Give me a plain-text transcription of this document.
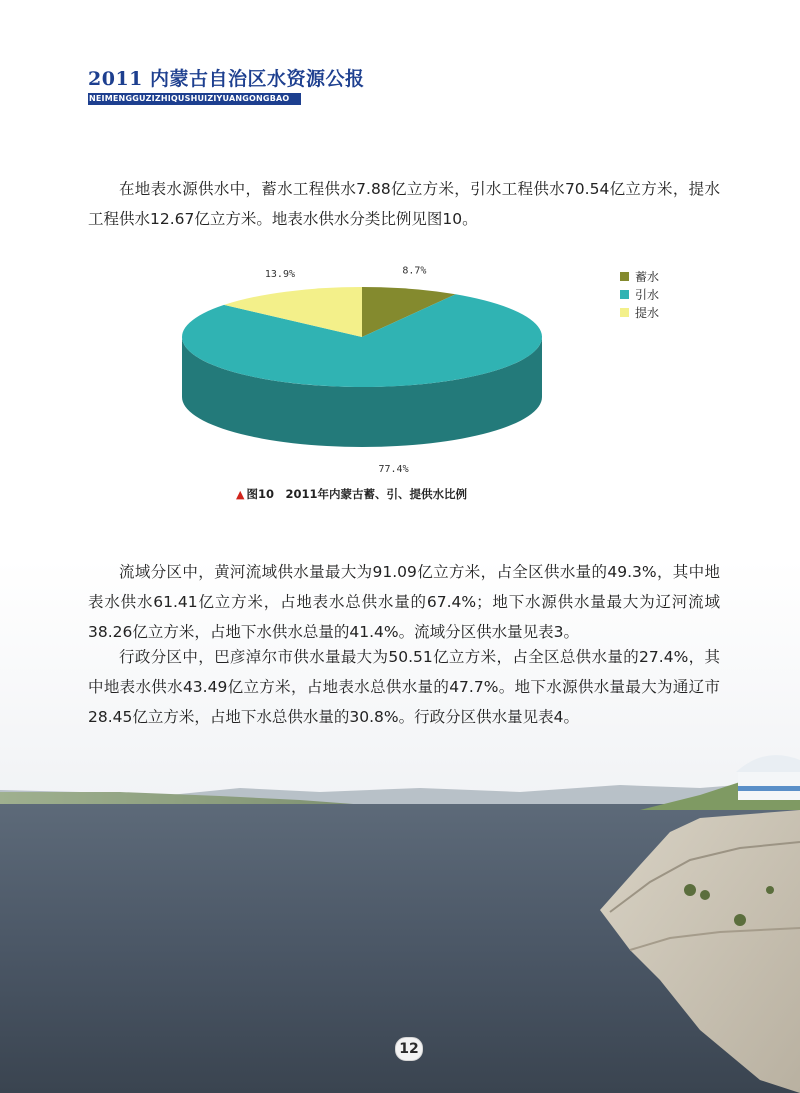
2011 内蒙古自治区水资源公报
NEIMENGGUZIZHIQUSHUIZIYUANGONGBAO

在地表水源供水中，蓄水工程供水7.88亿立方米，引水工程供水70.54亿立方米，提水工程供水12.67亿立方米。地表水供水分类比例见图10。

8.7%
77.4%
13.9%	蓄水
引水
提水
▲ 图10　2011年内蒙古蓄、引、提供水比例

流域分区中，黄河流域供水量最大为91.09亿立方米，占全区供水量的49.3%，其中地表水供水61.41亿立方米，占地表水总供水量的67.4%；地下水源供水量最大为辽河流域38.26亿立方米，占地下水供水总量的41.4%。流域分区供水量见表3。

行政分区中，巴彦淖尔市供水量最大为50.51亿立方米，占全区总供水量的27.4%，其中地表水供水43.49亿立方米，占地表水总供水量的47.7%。地下水源供水量最大为通辽市28.45亿立方米，占地下水总供水量的30.8%。行政分区供水量见表4。

12
